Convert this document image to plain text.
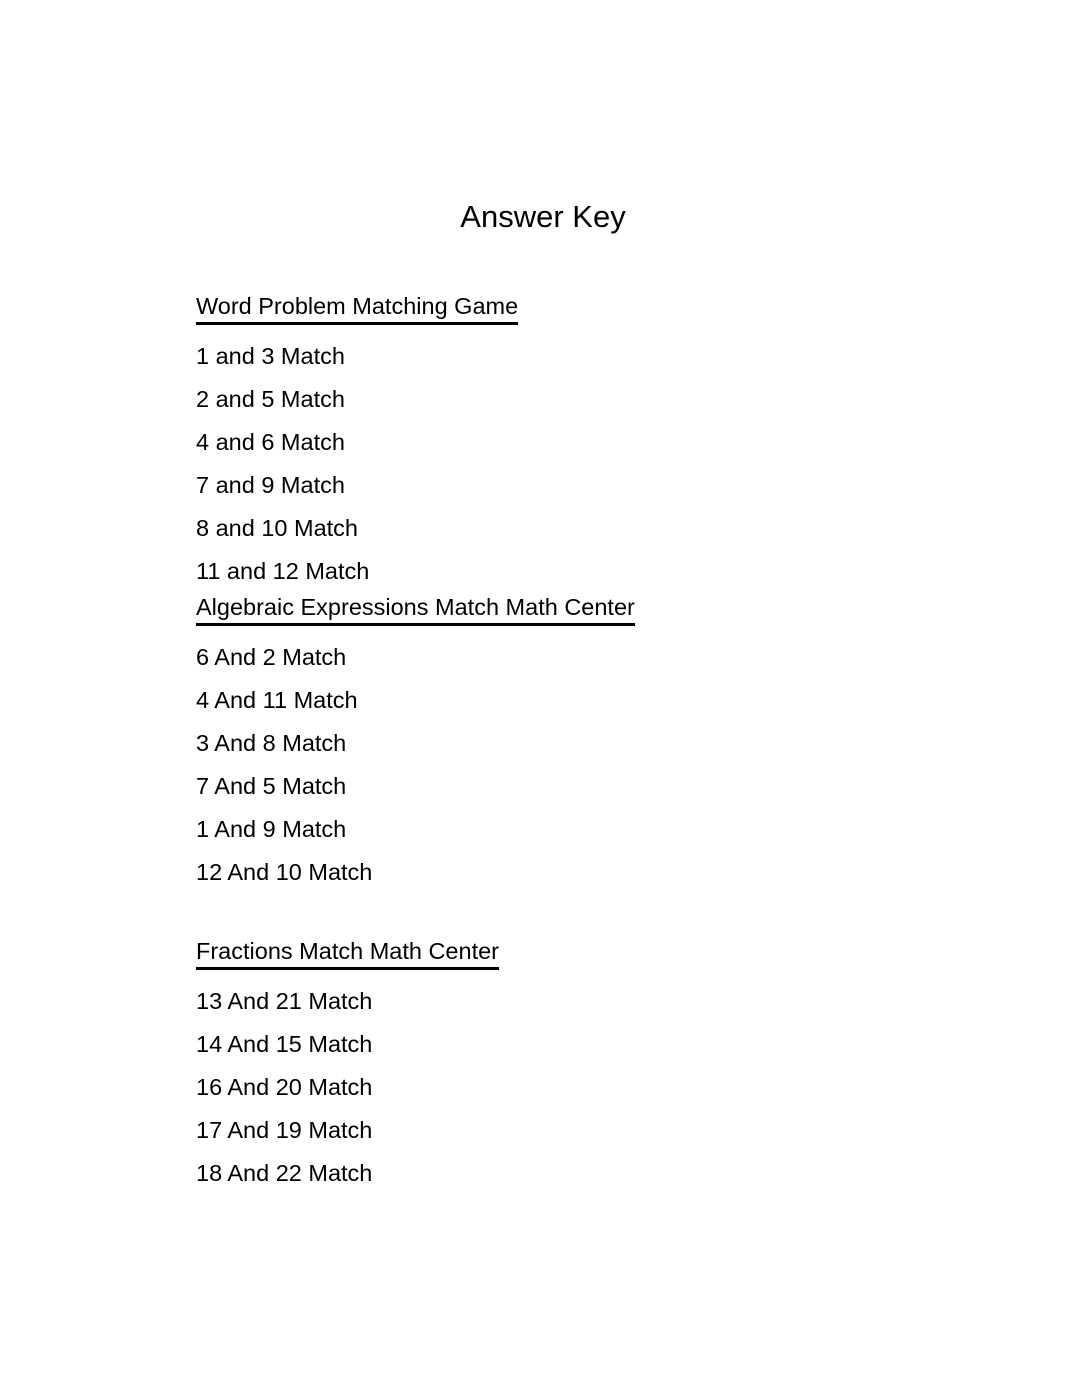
Answer Key
Word Problem Matching Game
1 and 3 Match
2 and 5 Match
4 and 6 Match
7 and 9 Match
8 and 10 Match
11 and 12 Match
Algebraic Expressions Match Math Center
6 And 2 Match
4 And 11 Match
3 And 8 Match
7 And 5 Match
1 And 9 Match
12 And 10 Match
Fractions Match Math Center
13 And 21 Match
14 And 15 Match
16 And 20 Match
17 And 19 Match
18 And 22 Match
